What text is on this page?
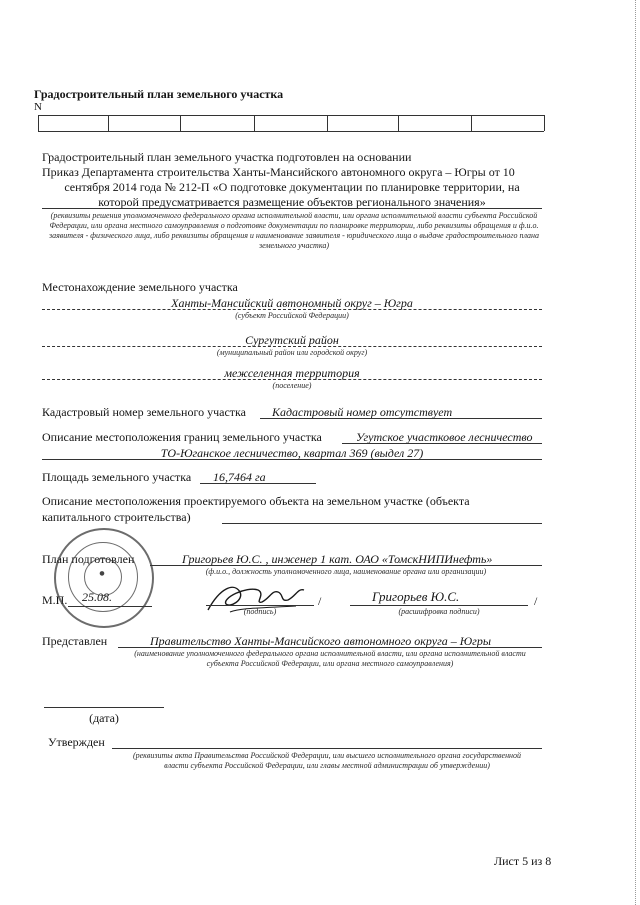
Градостроительный план земельного участка
N
Градостроительный план земельного участка подготовлен на основании
Приказ Департамента строительства Ханты-Мансийского автономного округа – Югры от 10
сентября 2014 года № 212-П «О подготовке документации по планировке территории, на
которой предусматривается размещение объектов регионального значения»
(реквизиты решения уполномоченного федерального органа исполнительной власти, или органа исполнительной власти субъекта Российской Федерации, или органа местного самоуправления о подготовке документации по планировке территории, либо реквизиты обращения и ф.и.о. заявителя - физического лица, либо реквизиты обращения и наименование заявителя - юридического лица о выдаче градостроительного плана земельного участка)
Местонахождение земельного участка
Ханты-Мансийский автономный округ – Югра
(субъект Российской Федерации)
Сургутский район
(муниципальный район или городской округ)
межселенная территория
(поселение)
Кадастровый номер земельного участка Кадастровый номер отсутствует
Описание местоположения границ земельного участка	Угутское участковое лесничество
ТО-Юганское лесничество, квартал 369 (выдел 27)
Площадь земельного участка 16,7464 га
Описание местоположения проектируемого объекта на земельном участке (объекта
капитального строительства)
План подготовлен	Григорьев Ю.С. , инженер 1 кат. ОАО «ТомскНИПИнефть»
(ф.и.о., должность уполномоченного лица, наименование органа или организации)
М.П. 25.08.
(подпись)
/	Григорьев Ю.С.
(расшифровка подписи)
/
●
Представлен	Правительство Ханты-Мансийского автономного округа – Югры
(наименование уполномоченного федерального органа исполнительной власти, или органа исполнительной власти субъекта Российской Федерации, или органа местного самоуправления)
(дата)
Утвержден
(реквизиты акта Правительства Российской Федерации, или высшего исполнительного органа государственной власти субъекта Российской Федерации, или главы местной администрации об утверждении)
Лист 5 из 8
